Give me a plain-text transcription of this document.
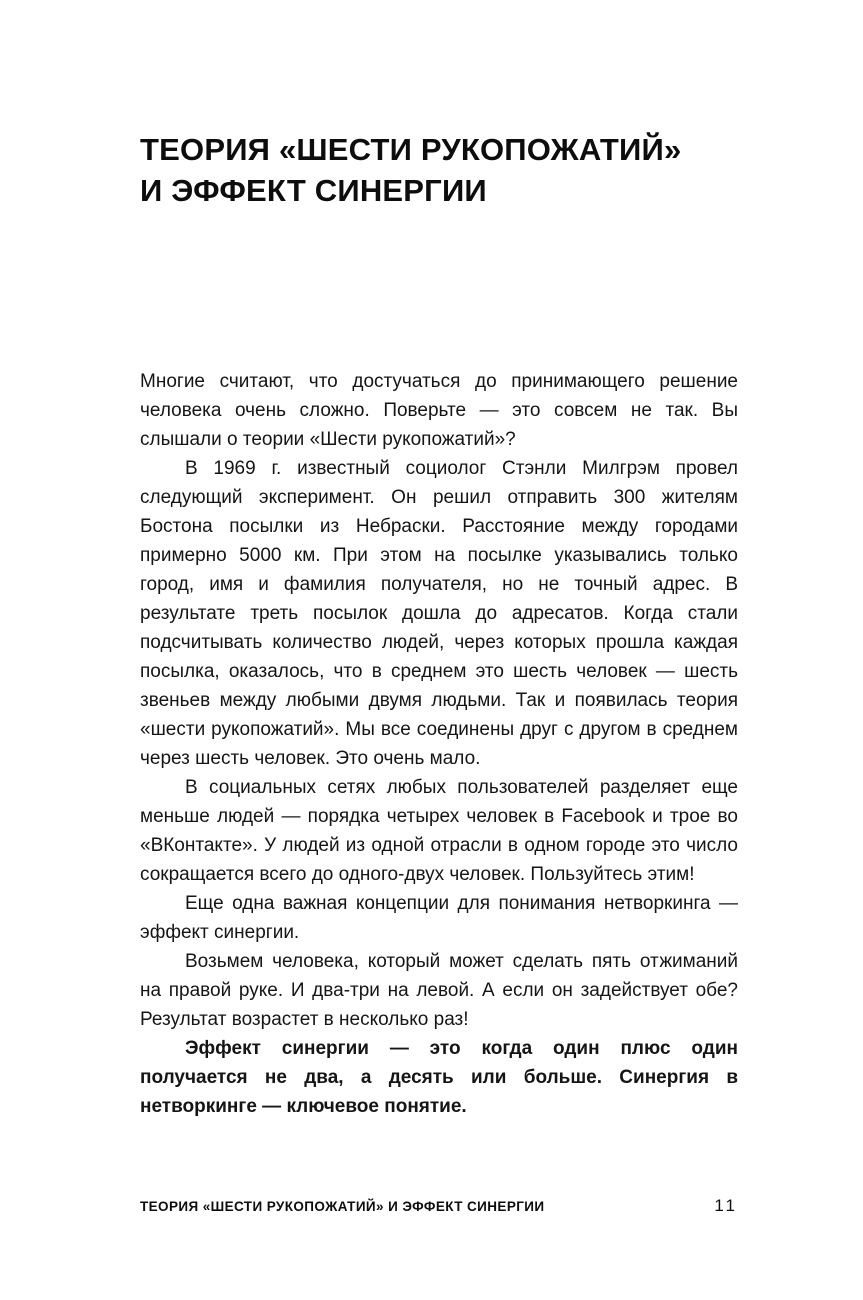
ТЕОРИЯ «ШЕСТИ РУКОПОЖАТИЙ»
И ЭФФЕКТ СИНЕРГИИ

Многие считают, что достучаться до принимающего решение человека очень сложно. Поверьте — это совсем не так. Вы слышали о теории «Шести рукопожатий»?

В 1969 г. известный социолог Стэнли Милгрэм провел следующий эксперимент. Он решил отправить 300 жителям Бостона посылки из Небраски. Расстояние между городами примерно 5000 км. При этом на посылке указывались только город, имя и фамилия получателя, но не точный адрес. В результате треть посылок дошла до адресатов. Когда стали подсчитывать количество людей, через которых прошла каждая посылка, оказалось, что в среднем это шесть человек — шесть звеньев между любыми двумя людьми. Так и появилась теория «шести рукопожатий». Мы все соединены друг с другом в среднем через шесть человек. Это очень мало.

В социальных сетях любых пользователей разделяет еще меньше людей — порядка четырех человек в Facebook и трое во «ВКонтакте». У людей из одной отрасли в одном городе это число сокращается всего до одного-двух человек. Пользуйтесь этим!

Еще одна важная концепции для понимания нетворкинга — эффект синергии.

Возьмем человека, который может сделать пять отжиманий на правой руке. И два-три на левой. А если он задействует обе? Результат возрастет в несколько раз!

Эффект синергии — это когда один плюс один получается не два, а десять или больше. Синергия в нетворкинге — ключевое понятие.

ТЕОРИЯ «ШЕСТИ РУКОПОЖАТИЙ» И ЭФФЕКТ СИНЕРГИИ	11
